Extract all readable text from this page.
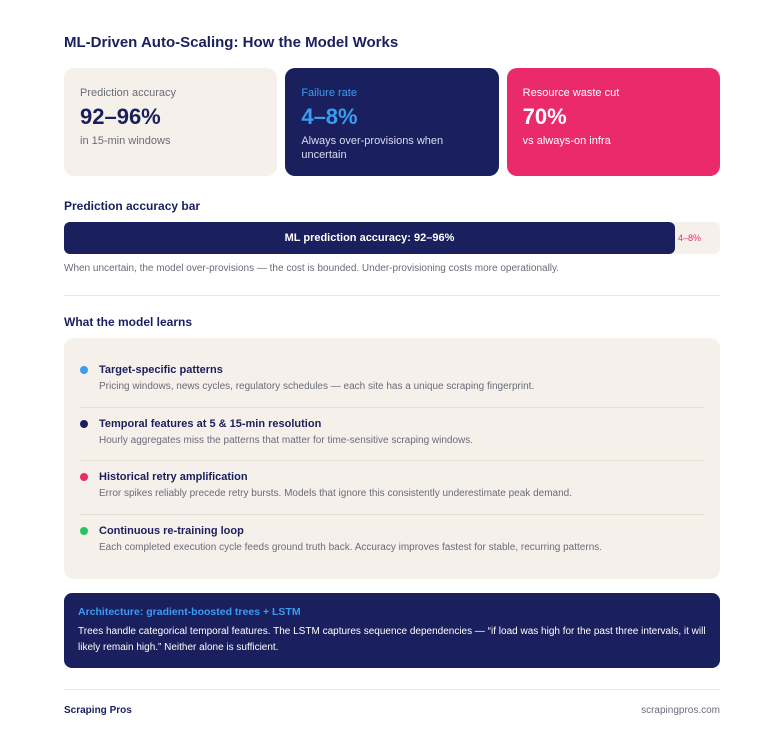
ML-Driven Auto-Scaling: How the Model Works
Prediction accuracy
92–96%
in 15-min windows
Failure rate
4–8%
Always over-provisions when uncertain
Resource waste cut
70%
vs always-on infra
Prediction accuracy bar
ML prediction accuracy: 92–96%	4–8%
When uncertain, the model over-provisions — the cost is bounded. Under-provisioning costs more operationally.
What the model learns
Target-specific patterns
Pricing windows, news cycles, regulatory schedules — each site has a unique scraping fingerprint.
Temporal features at 5 & 15-min resolution
Hourly aggregates miss the patterns that matter for time-sensitive scraping windows.
Historical retry amplification
Error spikes reliably precede retry bursts. Models that ignore this consistently underestimate peak demand.
Continuous re-training loop
Each completed execution cycle feeds ground truth back. Accuracy improves fastest for stable, recurring patterns.
Architecture: gradient-boosted trees + LSTM
Trees handle categorical temporal features. The LSTM captures sequence dependencies — “if load was high for the past three intervals, it will likely remain high.” Neither alone is sufficient.
Scraping Pros	scrapingpros.com
